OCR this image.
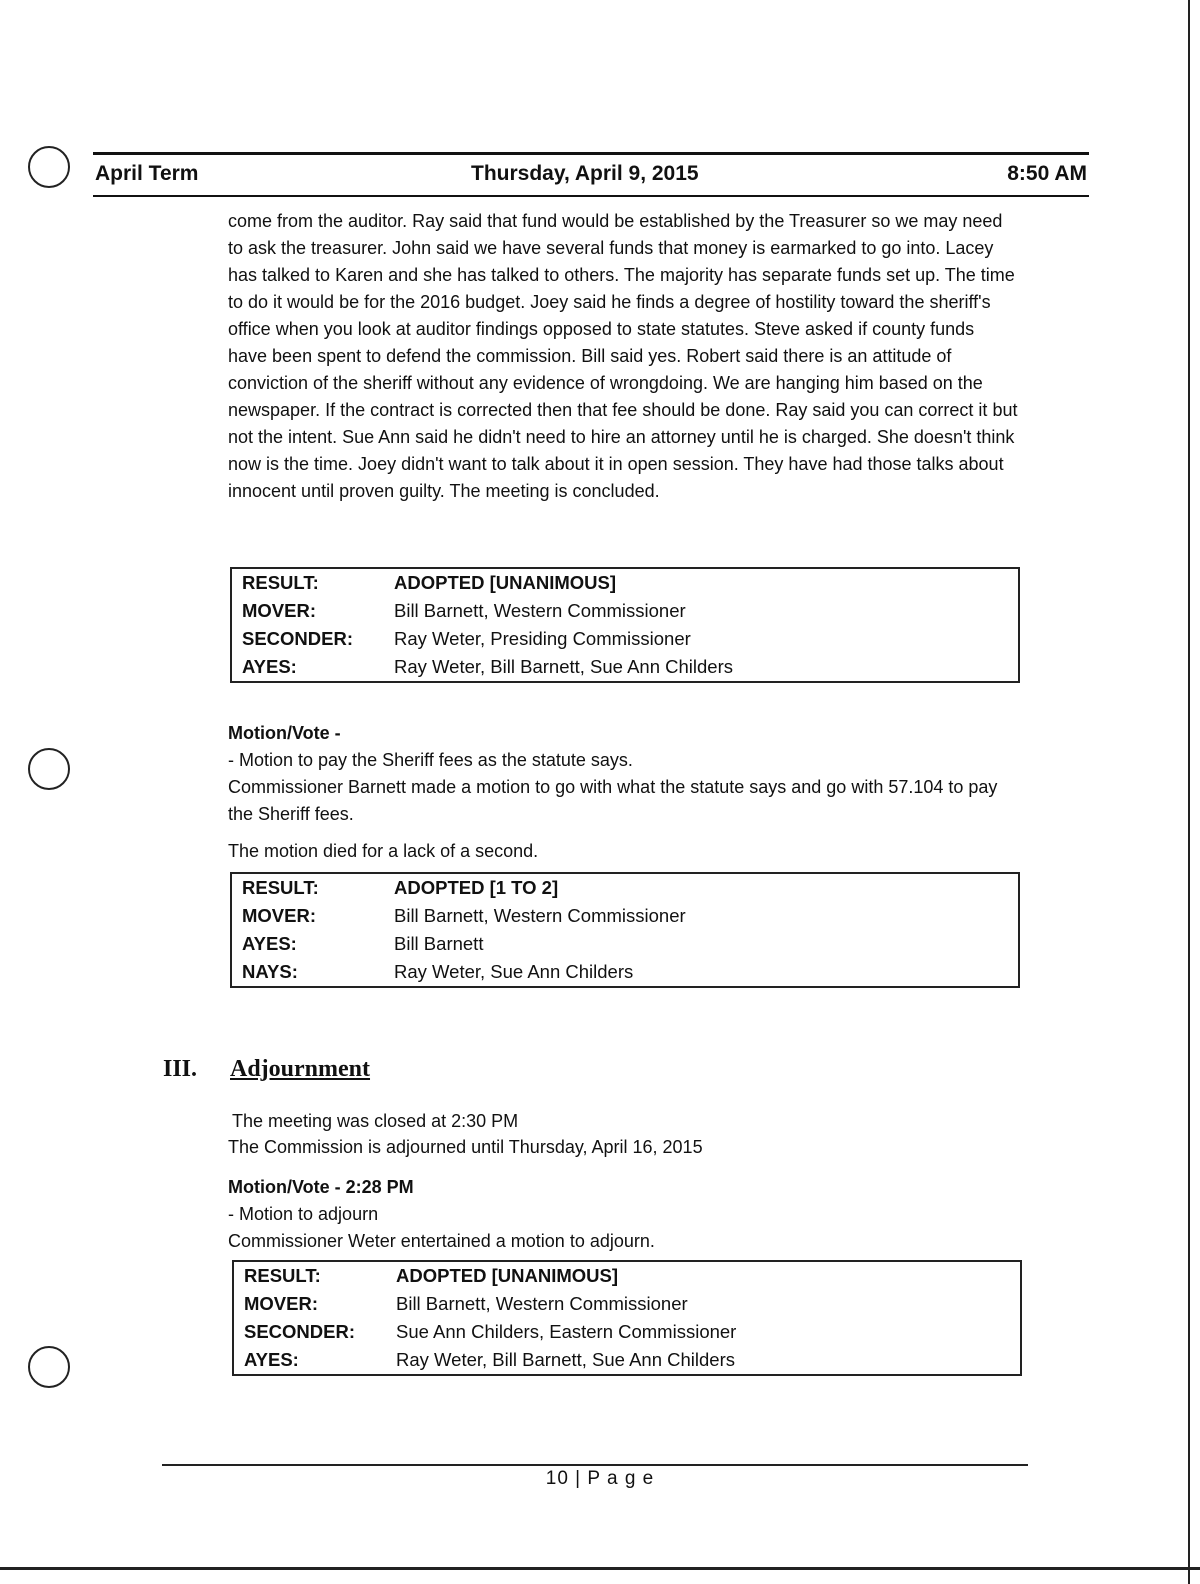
April Term	Thursday, April 9, 2015	8:50 AM
come from the auditor. Ray said that fund would be established by the Treasurer so we may need to ask the treasurer. John said we have several funds that money is earmarked to go into. Lacey has talked to Karen and she has talked to others. The majority has separate funds set up. The time to do it would be for the 2016 budget. Joey said he finds a degree of hostility toward the sheriff's office when you look at auditor findings opposed to state statutes. Steve asked if county funds have been spent to defend the commission. Bill said yes. Robert said there is an attitude of conviction of the sheriff without any evidence of wrongdoing. We are hanging him based on the newspaper. If the contract is corrected then that fee should be done. Ray said you can correct it but not the intent. Sue Ann said he didn't need to hire an attorney until he is charged. She doesn't think now is the time. Joey didn't want to talk about it in open session. They have had those talks about innocent until proven guilty. The meeting is concluded.
RESULT:	ADOPTED [UNANIMOUS]
MOVER:	Bill Barnett, Western Commissioner
SECONDER:	Ray Weter, Presiding Commissioner
AYES:	Ray Weter, Bill Barnett, Sue Ann Childers
Motion/Vote -
- Motion to pay the Sheriff fees as the statute says.
Commissioner Barnett made a motion to go with what the statute says and go with 57.104 to pay the Sheriff fees.
The motion died for a lack of a second.
RESULT:	ADOPTED [1 TO 2]
MOVER:	Bill Barnett, Western Commissioner
AYES:	Bill Barnett
NAYS:	Ray Weter, Sue Ann Childers
III. Adjournment
The meeting was closed at 2:30 PM
The Commission is adjourned until Thursday, April 16, 2015
Motion/Vote - 2:28 PM
- Motion to adjourn
Commissioner Weter entertained a motion to adjourn.
RESULT:	ADOPTED [UNANIMOUS]
MOVER:	Bill Barnett, Western Commissioner
SECONDER:	Sue Ann Childers, Eastern Commissioner
AYES:	Ray Weter, Bill Barnett, Sue Ann Childers
10 | P a g e
